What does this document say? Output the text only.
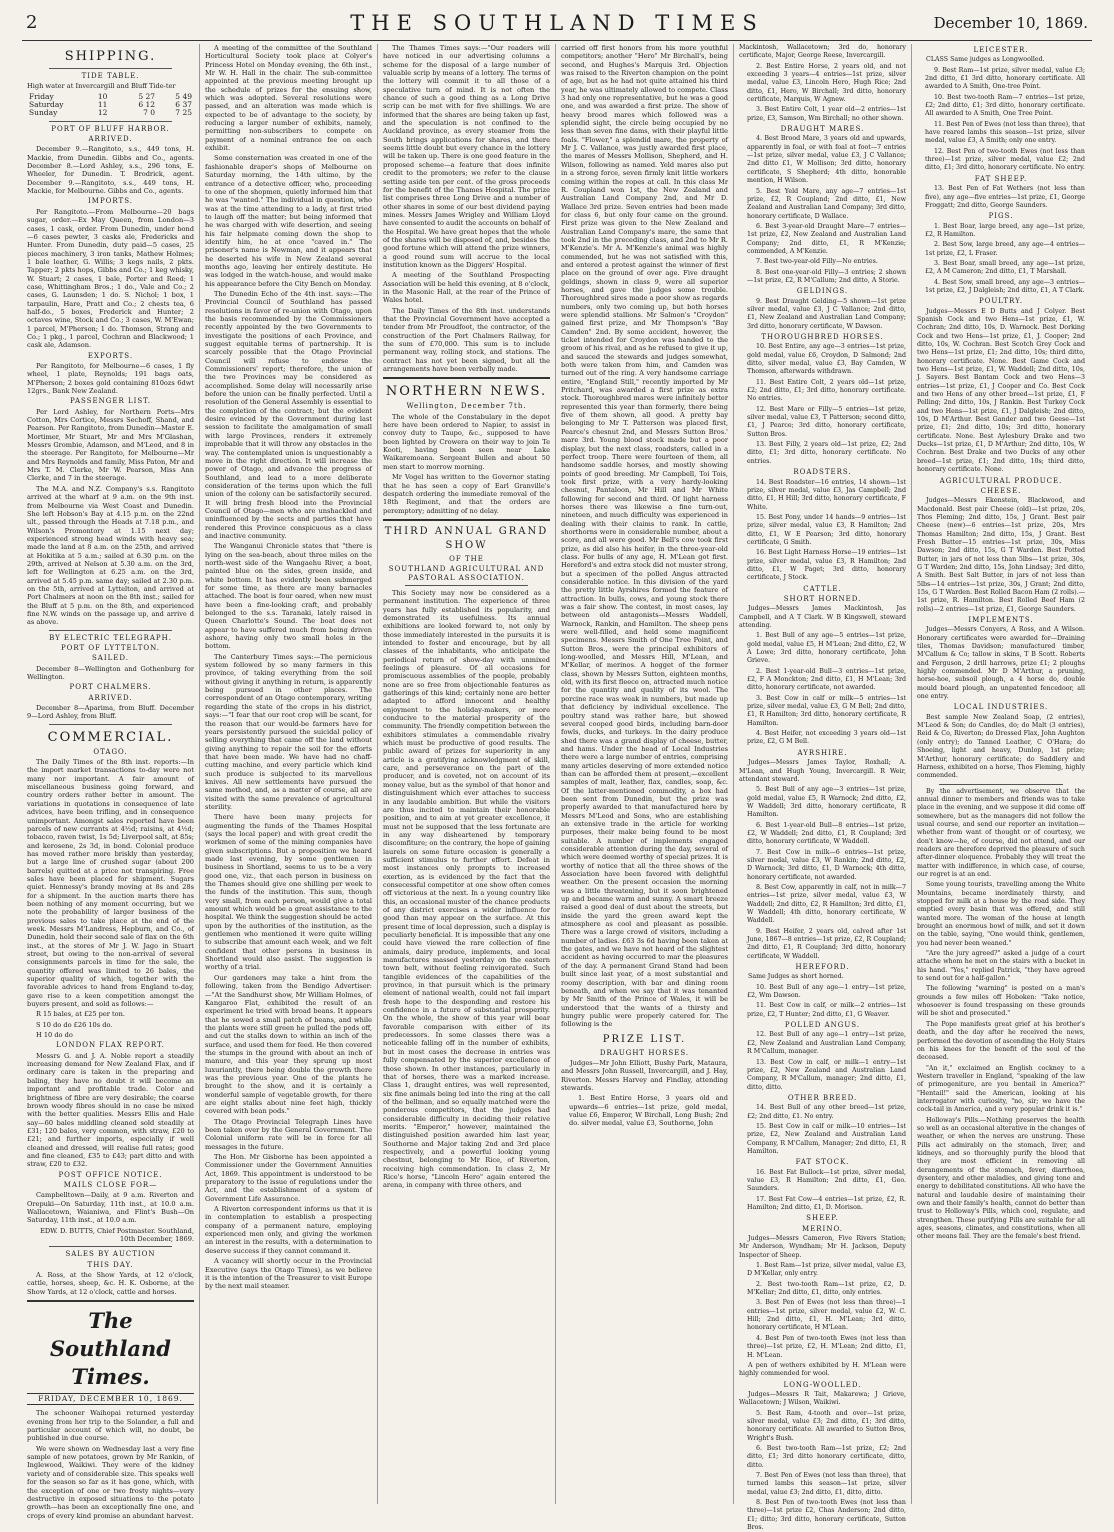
2	THE SOUTHLAND TIMES	December 10, 1869.
SHIPPING.
TIDE TABLE.

High water at Invercargill and Bluff Tide-ter

Friday	10	5 27	5 49
Saturday	11	6 12	6 37
Sunday	12	7 0	7 25
PORT OF BLUFF HARBOR.
ARRIVED.

December 9.—Rangitoto, s.s., 449 tons, H. Mackie, from Dunedin. Gibbs and Co., agents. December 8.—Lord Ashley, s.s., 296 tons, E. Wheeler, for Dunedin. T. Brodrick, agent. December 9.—Rangitoto, s.s., 449 tons, H. Mackie, for Melbourne. Gibbs and Co., agents.

IMPORTS.

Per Rangitoto.—From Melbourne—20 bags sugar, order.—Ex May Queen, from London—3 cases, 1 cask, order. From Dunedin, under bond—6 cases pewter, 3 casks ale, Fredericks and Hunter. From Dunedin, duty paid—5 cases, 25 pieces machinery, 3 iron tanks, Mathew Holmes; 1 bale leather, G. Willis; 3 kegs nails, 2 pkts. Tapper; 2 pkts hops, Gibbs and Co.; 1 keg whisky, W. Stuart; 2 cases, 1 bale, Porter and Reed; 1 case, Whittingham Bros.; 1 do., Vale and Co.; 2 cases, G. Launsden; 1 do. S. Nichol; 1 box, 1 tarpaulin, Hare, Pratt and Co.; 2 chests tea, 6 half-do., 5 boxes, Frederick and Hunter; 2 octaves wine, Stock and Co.; 3 cases, W. M'Ewan; 1 parcel, M'Pherson; 1 do. Thomson, Strang and Co.; 1 pkg., 1 parcel, Cochran and Blackwood; 1 cask ale, Adamson.

EXPORTS.

Per Rangitoto, for Melbourne—6 cases, 1 fly wheel, 1 plate, Reynolds; 191 bags oats, M'Pherson; 2 boxes gold containing 810ozs 6dwt 12grs., Bank New Zealand.

PASSENGER LIST.

Per Lord Ashley, for Northern Ports—Mrs Cotton, Mrs Cortice, Messrs Sechoff, Shand, and Pearson. Per Rangitoto, from Dunedin—Master E. Mortimer, Mr Stuart, Mr and Mrs M'Glashan, Messrs Grombie, Adamson, and M'Leod, and 8 in the steerage. Per Rangitoto, for Melbourne—Mr and Mrs Reynolds and family, Miss Paton, Mr and Mrs T. M. Clerke, Mr W. Pearson, Miss Ann Clerke, and 7 in the steerage.

The M.A. and N.Z. Company's s.s. Rangitoto arrived at the wharf at 9 a.m. on the 9th inst. from Melbourne via West Coast and Dunedin. She left Hobson's Bay at 4.15 p.m. on the 22nd ult., passed through the Heads at 7.18 p.m., and Wilson's Promontory at 1.15 next day; experienced strong head winds with heavy sea; made the land at 8 a.m. on the 25th, and arrived at Hokitika at 5 a.m.; sailed at 6.30 p.m. on the 29th, arrived at Nelson at 5.30 a.m. on the 3rd, left for Wellington at 6.25 a.m. on the 3rd, arrived at 5.45 p.m. same day; sailed at 2.30 p.m. on the 5th, arrived at Lyttelton, and arrived at Port Chalmers at noon on the 8th inst.; sailed for the Bluff at 5 p.m. on the 8th, and experienced fine N.W. winds on the passage up, and arrive d as above.

BY ELECTRIC TELEGRAPH.
PORT OF LYTTELTON.
SAILED.

December 8—Wellington and Gothenburg for Wellington.

PORT CHALMERS.
ARRIVED.

December 8—Aparima, from Bluff. December 9—Lord Ashley, from Bluff.

COMMERCIAL.
OTAGO.

The Daily Times of the 8th inst. reports:—In the import market transactions to-day were not many nor important. A fair amount of miscellaneous business going forward, and country orders rather better in amount. The variations in quotations in consequence of late advices, have been trifling, and in consequence unimportant. Amongst sales reported have been parcels of new currants at 4½d; raisins, at 4½d; tobacco, raven twist, 1s 5d; Liverpool salt, at 85s; and kerosene, 2s 3d, in bond. Colonial produce has moved rather more briskly than yesterday, but a large line of crushed sugar (about 200 barrels) quitted at a price not transpiring. Free sales have been placed for shipment. Sugars quiet. Hennessy's brandy moving at 8s and 28s for a shipment. In the auction marts there has been nothing of any moment occurring, but we note the probability of larger business of the previous sales to take place at the end of the week. Messrs M'Landress, Hepburn, and Co., of Dunedin, held their second sale of flax on the 6th inst., at the stores of Mr J. W. Jago in Stuart street, but owing to the non-arrival of several consignments parcels in time for the sale, the quantity offered was limited to 26 bales, the superior quality of which, together with the favorable advices to hand from England to-day, gave rise to a keen competition amongst the buyers present, and sold as follows:—

R 15 bales, at £25 per ton.

S 10 do do £26 10s do.

H 10 do do

LONDON FLAX REPORT.

Messrs G. and J. A. Noble report a steadily increasing demand for New Zealand Flax, and if ordinary care is taken in the preparing and baling, they have no doubt it will become an important and profitable trade. Color and brightness of fibre are very desirable; the coarse brown woody fibres should in no case be mixed with the better qualities. Messrs Ellis and Hale say—60 bales middling cleaned sold steadily at £31; 120 bales, very common, with straw, £20 to £21; and further imports, especially if well cleaned and dressed, will realise full rates; good and fine cleaned, £35 to £43; part ditto and with straw, £20 to £32.

POST OFFICE NOTICE.
MAILS CLOSE FOR—

Campbelltown—Daily, at 9 a.m. Riverton and Orepuki—On Saturday, 11th inst., at 10.0 a.m. Wallacetown, Waianiwa, and Flint's Bush—On Saturday, 11th inst., at 10.0 a.m.

EDW. D. BUTTS, Chief Postmaster. Southland, 10th December, 1869.

SALES BY AUCTION
THIS DAY.

A. Ross, at the Show Yards, at 12 o'clock, cattle, horses, sheep, &c. H. K. Osborne, at the Show Yards, at 12 o'clock, cattle and horses.

The Southland Times.
FRIDAY, DECEMBER 10, 1869.

The schooner Waihopai returned yesterday evening from her trip to the Solander, a full and particular account of which will, no doubt, be published in due course.

We were shown on Wednesday last a very fine sample of new potatoes, grown by Mr Rankin, of Inglewood, Waikiwi. They were of the kidney variety and of considerable size. This speaks well for the season so far as it has gone, which, with the exception of one or two frosty nights—very destructive in exposed situations to the potato growth—has been an exceptionally fine one, and crops of every kind promise an abundant harvest.

A meeting of the committee of the Southland Horticultural Society took place at Colyer's Princess Hotel on Monday evening, the 6th inst., Mr W. H. Hall in the chair. The sub-committee appointed at the previous meeting brought up the schedule of prizes for the ensuing show, which was adopted. Several resolutions were passed, and an alteration was made which is expected to be of advantage to the society, by reducing a larger number of exhibits, namely, permitting non-subscribers to compete on payment of a nominal entrance fee on each exhibit.

Some consternation was created in one of the fashionable draper's shops of Melbourne on Saturday morning, the 14th ultimo, by the entrance of a detective officer, who, proceeding to one of the shopmen, quietly informed him that he was "wanted." The individual in question, who was at the time attending to a lady, at first tried to laugh off the matter; but being informed that he was charged with wife desertion, and seeing his fair helpmate coming down the shop to identify him, he at once "caved in." The prisoner's name is Newman, and it appears that he deserted his wife in New Zealand several months ago, leaving her entirely destitute. He was lodged in the watch-house, and would make his appearance before the City Bench on Monday.

The Dunedin Echo of the 4th inst. says:—The Provincial Council of Southland has passed resolutions in favor of re-union with Otago, upon the basis recommended by the Commissioners recently appointed by the two Governments to investigate the positions of each Province, and suggest equitable terms of partnership. It is scarcely possible that the Otago Provincial Council will refuse to endorse the Commissioners' report; therefore, the union of the two Provinces may be considered as accomplished. Some delay will necessarily arise before the union can be finally perfected. Until a resolution of the General Assembly is essential to the completion of the contract; but the evident desire evinced by the Government during last session to facilitate the amalgamation of small with large Provinces, renders it extremely improbable that it will throw any obstacles in the way. The contemplated union is unquestionably a move in the right direction. It will increase the power of Otago, and advance the progress of Southland, and lead to a more deliberate consideration of the terms upon which the full union of the colony can be satisfactorily secured. It will bring fresh blood into the Provincial Council of Otago—men who are unshackled and uninfluenced by the sects and parties that have rendered this Province conspicuous as a class and inactive community.

The Wanganui Chronicle states that "there is lying on the sea-beach, about three miles on the north-west side of the Wangaehu River, a boat, painted blue on the sides, green inside, and white bottom. It has evidently been submerged for some time, as there are many barnacles attached. The boat is four oared, when new must have been a fine-looking craft, and probably belonged to the s.s. Taranaki, lately raised in Queen Charlotte's Sound. The boat does not appear to have suffered much from being driven ashore, having only two small holes in the bottom.

The Canterbury Times says:—The pernicious system followed by so many farmers in this province, of taking everything from the soil without giving it anything in return, is apparently being pursued in other places. The correspondent of an Otago contemporary, writing regarding the state of the crops in his district, says:—"I fear that our root crop will be scant, for the reason that our would-be farmers have for years persistently pursued the suicidal policy of selling everything that came off the land without giving anything to repair the soil for the efforts that have been made. We have had no chaff-cutting machine, and every particle which kind such produce is subjected to its marvellous knives. All new settlements have pursued the same method, and, as a matter of course, all are visited with the same prevalence of agricultural sterility.

There have been many projects for augmenting the funds of the Thames Hospital (says the local paper) and with great credit the workmen of some of the mining companies have given subscriptions. But a proposition we heard made last evening, by some gentlemen in business in Shortland, seems to us to be a very good one, viz., that each person in business on the Thames should give one shilling per week to the funds of the institution. This sum, though very small, from each person, would give a total amount which would be a great assistance to the hospital. We think the suggestion should be acted upon by the authorities of the institution, as the gentlemen who mentioned it were quite willing to subscribe that amount each week, and we felt confident that other persons in business in Shortland would also assist. The suggestion is worthy of a trial.

Our gardeners may take a hint from the following, taken from the Bendigo Advertiser:—"At the Sandhurst show, Mr William Holmes, of Kangaroo Flat, exhibited the result of an experiment he tried with broad beans. It appears that he sowed a small patch of beans, and while the plants were still green he pulled the pods off, and cut the stalks down to within an inch of the surface, and used them for feed. He then covered the stumps in the ground with about an inch of manure, and this year they sprung up most luxuriantly, there being double the growth there was the previous year. One of the plants he brought to the show, and it is certainly a wonderful sample of vegetable growth, for there are eight stalks about nine feet high, thickly covered with bean pods."

The Otago Provincial Telegraph Lines have been taken over by the General Government. The Colonial uniform rate will be in force for all messages in the future.

The Hon. Mr Gisborne has been appointed a Commissioner under the Government Annuities Act, 1869. This appointment is understood to be preparatory to the issue of regulations under the Act, and the establishment of a system of Government Life Assurance.

A Riverton correspondent informs us that it is in contemplation to establish a prospecting company of a permanent nature, employing experienced men only, and giving the workmen an interest in the results, with a determination to deserve success if they cannot command it.

A vacancy will shortly occur in the Provincial Executive (says the Otago Times), as we believe it is the intention of the Treasurer to visit Europe by the next mail steamer.

The Thames Times says:—"Our readers will have noticed in our advertising columns a scheme for the disposal of a large number of valuable scrip by means of a lottery. The terms of the lottery will commit it to all those of a speculative turn of mind. It is not often the chance of such a good thing as a Long Drive scrip can be met with for five shillings. We are informed that the shares are being taken up fast, and the speculation is not confined to the Auckland province, as every steamer from the South brings applications for shares, and there seems little doubt but every chance in the lottery will be taken up. There is one good feature in the proposed scheme—a feature that does infinite credit to the promoters; we refer to the clause setting aside ten per cent. of the gross proceeds for the benefit of the Thames Hospital. The prize list comprises three Long Drive and a number of other shares in some of our best dividend paying mines. Messrs James Wrigley and William Lloyd have consented to audit the accounts on behalf of the Hospital. We have great hopes that the whole of the shares will be disposed of, and, besides the good fortune which will attend the prize winners, a good round sum will accrue to the local institution known as the Diggers' Hospital.

A meeting of the Southland Prospecting Association will be held this evening, at 8 o'clock, in the Masonic Hall, at the rear of the Prince of Wales hotel.

The Daily Times of the 8th inst. understands that the Provincial Government have accepted a tender from Mr Proudfoot, the contractor, of the construction of the Port Chalmers Railway, for the sum of £70,000. This sum is to include permanent way, rolling stock, and stations. The contract has not yet been signed, but all the arrangements have been verbally made.

NORTHERN NEWS.
Wellington, December 7th.

The whole of the Constabulary in the depot here have been ordered to Napier, to assist in convoy duty to Taupo, &c., supposed to have been lighted by Crowera on their way to join Te Kooti, having been seen near Lake Waikaremoana. Sergeant Bullen and about 50 men start to morrow morning.

Mr Vogel has written to the Governor stating that he has seen a copy of Earl Granville's despatch ordering the immediate removal of the 18th Regiment, and that the orders are peremptory; admitting of no delay.

THIRD ANNUAL GRAND SHOW
OF THE
SOUTHLAND AGRICULTURAL AND PASTORAL ASSOCIATION.

This Society may now be considered as a permanent institution. The experience of three years has fully established its popularity, and demonstrated its usefulness. Its annual exhibitions are looked forward to, not only by those immediately interested in the pursuits it is intended to foster and encourage, but by all classes of the inhabitants, who anticipate the periodical return of show-day with unmixed feelings of pleasure. Of all occasions for promiscuous assemblies of the people, probably none are so free from objectionable features as gatherings of this kind; certainly none are better adapted to afford innocent and healthy enjoyment to the holiday-makers, or more conducive to the material prosperity of the community. The friendly competition between the exhibitors stimulates a commendable rivalry which must be productive of good results. The public award of prizes for superiority in any article is a gratifying acknowledgment of skill, care, and perseverance on the part of the producer, and is coveted, not on account of its money value, but as the symbol of that honor and distinguishment which ever attaches to success in any laudable ambition. But while the visitors are thus incited to maintain their honorable position, and to aim at yet greater excellence, it must not be supposed that the less fortunate are in any way disheartened by temporary discomfiture; on the contrary, the hope of gaining laurels on some future occasion is generally a sufficient stimulus to further effort. Defeat in most instances only prompts to increased exertion, as is evidenced by the fact that the consecessful competitor at one show often comes off victorious at the next. In a young country like this, an occasional muster of the chance products of any district exercises a wider influence for good than may appear on the surface. At this present time of local depression, such a display is peculiarly beneficial. It is impossible that any one could have viewed the rare collection of fine animals, dairy produce, implements, and local manufactures massed yesterday on the eastern town belt, without feeling reinvigorated. Such tangible evidences of the capabilities of the province, in that pursuit which is the primary element of national wealth, could not fail impart fresh hope to the desponding and restore his confidence in a future of substantial prosperity. On the whole, the show of this year will bear favorable comparison with either of its predecessors. In some classes there was a noticeable falling off in the number of exhibits, but in most cases the decrease in entries was fully compensated by the superior excellence of those shown. In other instances, particularly in that of horses, there was a marked increase. Class 1, draught entires, was well represented, six fine animals being led into the ring at the call of the bellman, and so equally matched were the ponderous competitors, that the judges had considerable difficulty in deciding their relative merits. "Emperor," however, maintained the distinguished position awarded him last year, Southorne and Major taking 2nd and 3rd place respectively, and a powerful looking young chestnut, belonging to Mr Rice, of Riverton, receiving high commendation. In class 2, Mr Rice's horse, "Lincoln Hero" again entered the arena, in company with three others, and

carried off first honors from his more youthful competitors; another "Hero" Mr Birchall's, being second, and Hughes's Marquis 3rd. Objection was raised to the Riverton champion on the point of age, but as he had not quite attained his third year, he was ultimately allowed to compete. Class 3 had only one representative, but he was a good one, and was awarded a first prize. The show of heavy brood mares which followed was a splendid sight, the circle being occupied by no less than seven fine dams, with their playful little foals. "Flower," a splendid mare, the property of Mr J. C. Vallance, was justly awarded first place, the mares of Messrs Mollison, Shepherd, and H. Wilson, following as named. Yeld mares also put in a strong force, seven firmly knit little workers coming within the ropes at call. In this class Mr R. Coupland won 1st, the New Zealand and Australian Land Company 2nd, and Mr D. Wallace 3rd prize. Seven entries had been made for class 6, but only four came on the ground. First prize was given to the New Zealand and Australian Land Company's mare, the same that took 2nd in the preceding class, and 2nd to Mr R. M'Kenzie's. Mr A. M'Kenzie's animal was highly commended, but he was not satisfied with this, and entered a protest against the winner of first place on the ground of over age. Five draught geldings, shown in class 9, were all superior horses, and gave the judges some trouble. Thoroughbred sires made a poor show as regards numbers, only two coming up, but both horses were splendid stallions. Mr Salmon's "Croydon" gained first prize, and Mr Thompson's "Bay Camden" 2nd. By some accident, however, the ticket intended for Croydon was handed to the groom of his rival, and as he refused to give it up, and sauced the stewards and judges somewhat, both were taken from him, and Camden was turned out of the ring. A very handsome carriage entire, "England Still," recently imported by Mr Pritchard, was awarded a first prize as extra stock. Thoroughbred mares were infinitely better represented this year than formerly, there being five of them shown, all good. A pretty bay belonging to Mr T. Patterson was placed first, Pearce's chesnut 2nd, and Messrs Sutton Bros.' mare 3rd. Young blood stock made but a poor display, but the next class, roadsters, called in a perfect troop. There were fourteen of them, all handsome saddle horses, and mostly showing points of good breeding. Mr Campbell, Toi Tois, took first prize, with a very hardy-looking chesnut, Pantaloon, Mr Hill and Mr White following for second and third. Of light harness horses there was likewise a fine turn-out, nineteen, and much difficulty was experienced in dealing with their claims to rank. In cattle, shorthorns were in considerable number, about a score, and all were good. Mr Bell's cow took first prize, as did also his heifer, in the three-year-old class. For bulls of any age, H. M'Lean got first. Hereford's and extra stock did not muster strong, but a specimen of the polled Angus attracted considerable notice. In this division of the yard the pretty little Ayrshires formed the feature of attraction. In bulls, cows, and young stock there was a fair show. The contest, in most cases, lay between old antagonists—Messrs Waddell, Warnock, Rankin, and Hamilton. The sheep pens were well-filled, and held some magnificent specimens. Messrs Smith of One Tree Point, and Sutton Bros., were the principal exhibitors of long-woolled, and Messrs Hill, M'Lean, and M'Kellar, of merinos. A hogget of the former class, shown by Messrs Sutton, eighteen months, old, with its first fleece on, attracted much notice for the quantity and quality of its wool. The porcine race was weak in numbers, but made up that deficiency by individual excellence. The poultry stand was rather bare, but showed several cooped good birds, including barn-door fowls, ducks, and turkeys. In the dairy produce shed there was a grand display of cheese, butter, and hams. Under the head of Local Industries there were a large number of entries, comprising many articles deserving of more extended notice than can be afforded them at present,—excellent samples of malt, leather, flax, candles, soap, &c. Of the latter-mentioned commodity, a box had been sent from Dunedin, but the prize was properly awarded to that manufactured here by Messrs M'Leod and Sons, who are establishing an extensive trade in the article for working purposes, their make being found to be most suitable. A number of implements engaged considerable attention during the day, several of which were deemed worthy of special prizes. It is worthy of notice that all the three shows of the Association have been favored with delightful weather. On the present occasion the morning was a little threatening, but it soon brightened up and became warm and sunny. A smart breeze raised a good deal of dust about the streets, but inside the yard the green award kept the atmosphere as cool and pleasant as possible. There was a large crowd of visitors, including a number of ladies. £63 3s 6d having been taken at the gates, and we have not heard of the slightest accident as having occurred to mar the pleasures of the day. A permanent Grand Stand had been built since last year, of a most substantial and roomy description, with bar and dining room beneath, and when we say that it was tenanted by Mr Smith of the Prince of Wales, it will be understood that the wants of a thirsty and hungry public were properly catered for. The following is the

PRIZE LIST.
DRAUGHT HORSES.

Judges—Mr John Elliott, Bushy Park, Mataura, and Messrs John Russell, Invercargill, and J. Hay, Riverton. Messrs Harvey and Findlay, attending stewards.

1. Best Entire Horse, 3 years old and upwards—6 entries—1st prize, gold medal, value £6, Emperor, W Birchall, Long Bush; 2nd do. silver medal, value £3, Southorne, John

Mackintosh, Wallacetown; 3rd do, honorary certificate, Major, George Reese, Invercargill.

2. Best Entire Horse, 2 years old, and not exceeding 3 years—4 entries—1st prize, silver medal, value £3, Lincoln Hero, Hugh Rice; 2nd ditto, £1, Hero, W Birchall; 3rd ditto, honorary certificate, Marquis, W Agnew.

3. Best Entire Colt, 1 year old—2 entries—1st prize, £3, Samson, Wm Birchall; no other shown.

DRAUGHT MARES.

4. Best Brood Mare, 3 years old and upwards, apparently in foal, or with foal at foot—7 entries—1st prize, silver medal, value £3, J C Vallance; 2nd ditto £1, W Mollison; 3rd ditto, honorary certificate, S Shepherd; 4th ditto, honorable mention, H Wilson.

5. Best Yeld Mare, any age—7 entries—1st prize, £2, R Coupland; 2nd ditto, £1, New Zealand and Australian Land Company; 3rd ditto, honorary certificate, D Wallace.

6. Best 3-year-old Draught Mare—7 entries—1st prize, £2, New Zealand and Australian Land Company; 2nd ditto, £1, R M'Kenzie; commended, A M'Kenzie.

7. Best two-year-old Filly—No entries.

8. Best one-year-old Filly—3 entries; 2 shown—1st prize, £2, R M'Callum; 2nd ditto, A Storie.

GELDINGS.

9. Best Draught Gelding—5 shown—1st prize silver medal, value £3, J C Vallance; 2nd ditto, £1, New Zealand and Australian Land Company; 3rd ditto, honorary certificate, W Dawson.

THOROUGHBRED HORSES.

10. Best Entire, any age—3 entries—1st prize, gold medal, value £6, Croydon, D Salmond; 2nd ditto, silver medal, value £3, Bay Camden, W Thomson, afterwards withdrawn.

11. Best Entire Colt, 2 years old—1st prize, £2; 2nd ditto, £1; 3rd ditto, honorary certificate. No entries.

12. Best Mare or Filly—5 entries—1st prize, silver medal, value £3, T Patterson; second ditto, £1, J Pearce; 3rd ditto, honorary certificate, Sutton Bros.

13. Best Filly, 2 years old—1st prize, £2; 2nd ditto, £1; 3rd ditto, honorary certificate. No entries.

ROADSTERS.

14. Best Roadster—16 entries, 14 shown—1st prize, silver medal, value £3, Jas Campbell; 2nd ditto, £1, H Hill; 3rd ditto, honorary certificate, F White.

15. Best Pony, under 14 hands—9 entries—1st prize, silver medal, value £3, R Hamilton; 2nd ditto, £1, W E Pearson; 3rd ditto, honorary certificate, G Smith.

16. Best Light Harness Horse—19 entries—1st prize, silver medal, value £3, R Hamilton; 2nd ditto, £1, W Paget; 3rd ditto, honorary certificate, J Stock.

CATTLE.
SHORT HORNED.

Judges—Messrs James Mackintosh, Jas Campbell, and A T Clark. W B Kingswell, steward attending.

1. Best Bull of any age—5 entries—1st prize, gold medal, value £5, H M'Lean; 2nd ditto, £2, W A Lowe; 3rd ditto, honorary certificate, John Grieve.

2. Best 1-year-old Bull—3 entries—1st prize, £2, F A Monckton; 2nd ditto, £1, H M'Lean; 3rd ditto, honorary certificate, not awarded.

3. Best Cow in calf or milk—5 entries—1st prize, silver medal, value £3, G M Bell; 2nd ditto, £1, R Hamilton; 3rd ditto, honorary certificate, R Hamilton.

4. Best Heifer, not exceeding 3 years old—1st prize, £2, G M Bell.

AYRSHIRE.

Judges—Messrs James Taylor, Roxhall; A. M'Lean, and Hugh Young, Invercargill. R Weir, attendant steward.

5. Best Bull of any age—3 entries—1st prize, gold medal, value £5, R Warnock; 2nd ditto, £2, W Waddell; 3rd ditto, honorary certificate, R Hamilton.

6. Best 1-year-old Bull—8 entries—1st prize, £2, W Waddell; 2nd ditto, £1, R Coupland; 3rd ditto, honorary certificate, W Waddell.

7. Best Cow in milk—6 entries—1st prize, silver medal, value £3, W Rankin; 2nd ditto, £2, D Warnock; 3rd ditto, £1, D Warnock; 4th ditto, honorary certificate, not awarded.

8. Best Cow, apparently in calf, not in milk—7 entries—1st prize, silver medal, value £3, W Waddell; 2nd ditto, £2, R Hamilton; 3rd ditto, £1, W Waddell; 4th ditto, honorary certificate, W Waddell.

9. Best Heifer, 2 years old, calved after 1st June, 1867—8 entries—1st prize, £2, R Coupland; 2nd ditto, £1, R Coupland; 3rd ditto, honorary certificate, W Waddell.

HEREFORD.

Same Judges as short horned.

10. Best Bull of any age—1 entry—1st prize, £2, Wm Dawson.

11. Best Cow in calf, or milk—2 entries—1st prize, £2, T Hunter; 2nd ditto, £1, G Weaver.

POLLED ANGUS.

12. Best Bull of any age—1 entry—1st prize, £2, New Zealand and Australian Land Company, R M'Callum, manager.

13. Best Cow in calf, or milk—1 entry—1st prize, £2, New Zealand and Australian Land Company, R M'Callum, manager; 2nd ditto, £1, ditto, ditto.

OTHER BREED.

14. Best Bull of any other breed—1st prize, £2; 2nd ditto, £1. No entry.

15. Best Cow in calf or milk—10 entries—1st prize, £2, New Zealand and Australian Land Company, R M'Callum, Manager; 2nd ditto, £1, R Hamilton.

FAT STOCK.

16. Best Fat Bullock—1st prize, silver medal, value £3, R Hamilton; 2nd ditto, £1, Geo. Saunders.

17. Best Fat Cow—4 entries—1st prize, £2, R. Hamilton; 2nd ditto, £1, D. Morison.

SHEEP.
MERINO.

Judges—Messrs Cameron, Five Rivers Station; Mr Anderson, Wyndham; Mr H. Jackson, Deputy Inspector of Sheep.

1. Best Ram—1st prize, silver medal, value £3, D M'Kellar, only entry.

2. Best two-tooth Ram—1st prize, £2, D. M'Kellar; 2nd ditto, £1, ditto, only entries.

3. Best Pen of Ewes (not less than three)—1 entries—1st prize, silver medal, value £2, W. C. Hill; 2nd ditto, £1, H. M'Lean; 3rd ditto, honorary certificate, H M'Lean.

4. Best Pen of two-tooth Ewes (not less than three)—1st prize, £2, H. M'Lean; 2nd ditto, £1, H. M'Lean.

A pen of wethers exhibited by H. M'Lean were highly commended for wool.

LONG-WOOLLED.

Judges—Messrs R Tait, Makarewa; J Grieve, Wallacetown; J Wilson, Waikiwi.

5. Best Ram, 4-tooth and over—1st prize, silver medal, value £3; 2nd ditto, £1; 3rd ditto, honorary certificate. All awarded to Sutton Bros, Wright's Bush.

6. Best two-tooth Ram—1st prize, £2; 2nd ditto, £1; 3rd ditto honorary certificate, ditto, ditto.

7. Best Pen of Ewes (not less than three), that turned lambs this season—1st prize, silver medal, value £3; 2nd ditto, £1, ditto, ditto.

8. Best Pen of two-tooth Ewes (not less than three)—1st prize £2, Chas Anderson; 2nd ditto, £1; ditto; 3rd ditto, honorary certificate, Sutton Bros.

LEICESTER.

CLASS Same judges as Longwoolled.

9. Best Ram—1st prize, silver medal, value £3; 2nd ditto, £1 3rd ditto, honorary certificate. All awarded to A Smith, One-tree Point.

10. Best two-tooth Ram—7 entries—1st prize, £2; 2nd ditto, £1; 3rd ditto, honorary certificate. All awarded to A Smith, One Tree Point.

11. Best Pen of Ewes (not less than three), that have reared lambs this season—1st prize, silver medal, value £3, A Smith; only one entry.

12. Best Pen of two-tooth Ewes (not less than three)—1st prize, silver medal, value £2; 2nd ditto, £1; 3rd ditto, honorary certificate. No entry.

FAT SHEEP.

13. Best Pen of Fat Wethers (not less than five), any age—five entries—1st prize, £1, George Froggatt; 2nd ditto, George Saunders.

PIGS.

1. Best Boar, large breed, any age—1st prize, £2, R Hamilton.

2. Best Sow, large breed, any age—4 entries—1st prize, £2, L Fraser.

3. Best Boar, small breed, any age—1st prize, £2, A M Cameron; 2nd ditto, £1, T Marshall.

4. Best Sow, small breed, any age—3 entries—1st prize, £2, J Dalgleish; 2nd ditto, £1, A T Clark.

POULTRY.

Judges—Messrs E D Butts and J Colyer. Best Spanish Cock and two Hens—1st prize, £1, W. Cochran; 2nd ditto, 10s, D. Warnock. Best Dorking Cock and two Hens—1st prize, £1, J. Cooper; 2nd ditto, 10s, W. Cochran. Best Scotch Grey Cock and two Hens—1st prize, £1; 2nd ditto, 10s; third ditto, honorary certificate. None. Best Game Cock and two Hens—1st prize, £1, W. Waddell; 2nd ditto, 10s, J. Sayers. Best Bantam Cock and two Hens—3 entries—1st prize, £1, J Cooper and Co. Best Cock and two Hens of any other breed—1st prize, £1, F Pelling; 2nd ditto, 10s, J Rankin. Best Turkey Cock and two Hens—1st prize, £1, J Dalgleish; 2nd ditto, 10s, D M'Arthur. Best Gander and two Geese—1st prize, £1; 2nd ditto, 10s; 3rd ditto, honorary certificate. None. Best Aylesbury Drake and two Ducks—1st prize, £1, D M'Arthur; 2nd ditto, 10s, W Cochran. Best Drake and two Ducks of any other breed—1st prize, £1; 2nd ditto, 10s; third ditto, honorary certificate. None.

AGRICULTURAL PRODUCE.
CHEESE.

Judges—Messrs Ekenstein, Blackwood, and Macdonald. Best pair Cheese (old)—1st prize, 20s, Thos Fleming; 2nd ditto, 15s, J Grant. Best pair Cheese (new)—6 entries—1st prize, 20s, Mrs Thomas Hamilton; 2nd ditto, 15s, J Grant. Best Fresh Butter—15 entries—1st prize, 30s, Miss Dawson; 2nd ditto, 15s, G T Warden. Best Potted Butter, in jars of not less than 5lbs—1st prize, 30s, G T Warden; 2nd ditto, 15s, John Lindsay; 3rd ditto, A Smith. Best Salt Butter, in jars of not less than 5lbs—14 entries—1st prize, 30s, J Grant; 2nd ditto, 15s, G T Warden. Best Rolled Bacon Ham (2 rolls).—1st prize, R. Hamilton. Best Rolled Beef Ham (2 rolls)—2 entries—1st prize, £1, George Saunders.

IMPLEMENTS.

Judges—Messrs Conyers, A Ross, and A Wilson. Honorary certificates were awarded for—Draining tiles, Thomas Davidson; manufactured timber, M'Callum & Co; tallow in skins, T B Scott. Roberts and Ferguson, 2 drill harrows, prize £1; 2 ploughs highly commended. Mr D M'Arthur, a pruning, horse-hoe, subsoil plough, a 4 horse do, double mould board plough, an unpatented fencedoor, all one entry.

LOCAL INDUSTRIES.

Best sample New Zealand Soap, (2 entries), M'Leod & Son; do Candles, do; do Malt (3 entries), Reid & Co, Riverton; do Dressed Flax, John Aughton (only entry); do Tanned Leather, C O'Hara; do Shoeing, light and heavy, Dunlop, 1st prize; M'Arthur, honorary certificate; do Saddlery and Harness, exhibited on a horse, Thos Fleming, highly commended.

By the advertisement, we observe that the annual dinner to members and friends was to take place in the evening, and we suppose it did come off somewhere, but as the managers did not follow the usual course, and send our reporter an invitation—whether from want of thought or of courtesy, we don't know—he, of course, did not attend, and our readers are therefore deprived the pleasure of such after-dinner eloquence. Probably they will treat the matter with indifference, in which case, of course, our regret is at an end.

Some young tourists, travelling among the White Mountains, became inordinately thirsty, and stopped for milk at a house by the road side. They emptied every basin that was offered, and still wanted more. The woman of the house at length brought an enormous bowl of milk, and set it down on the table, saying, "One would think, gentlemen, you had never been weaned."

"Are the jury agreed?" asked a judge of a court attache whom he met on the stairs with a bucket in his hand. "Yes," replied Patrick, "they have agreed to send out for a half-gallon."

The following "warning" is posted on a man's grounds a few miles off Hoboken: "Take notice, whosoever is found trespassing on these grounds will be shot and prosecuted."

The Pope manifests great grief at his brother's death, and the day after he received the news, performed the devotion of ascending the Holy Stairs on his knees for the benefit of the soul of the deceased.

"An it," exclaimed an English cockney to a Western traveller in England, "speaking of the law of primogeniture, are you bentail in America?" "Hentail!" said the American, looking at his interrogator with curiosity, "no, sir; we have the cock-tail in America, and a very popular drink it is."

Holloway's Pills.—Nothing preserves the health so well as an occasional alterative in the changes of weather, or when the nerves are unstrung. These Pills act admirably on the stomach, liver, and kidneys, and so thoroughly purify the blood that they are most efficient in removing all derangements of the stomach, fever, diarrhoea, dysentery, and other maladies, and giving tone and energy to debilitated constitutions. All who have the natural and laudable desire of maintaining their own and their family's health, cannot do better than trust to Holloway's Pills, which cool, regulate, and strengthen. These purifying Pills are suitable for all ages, seasons, climates, and constitutions, when all other means fail. They are the female's best friend.
